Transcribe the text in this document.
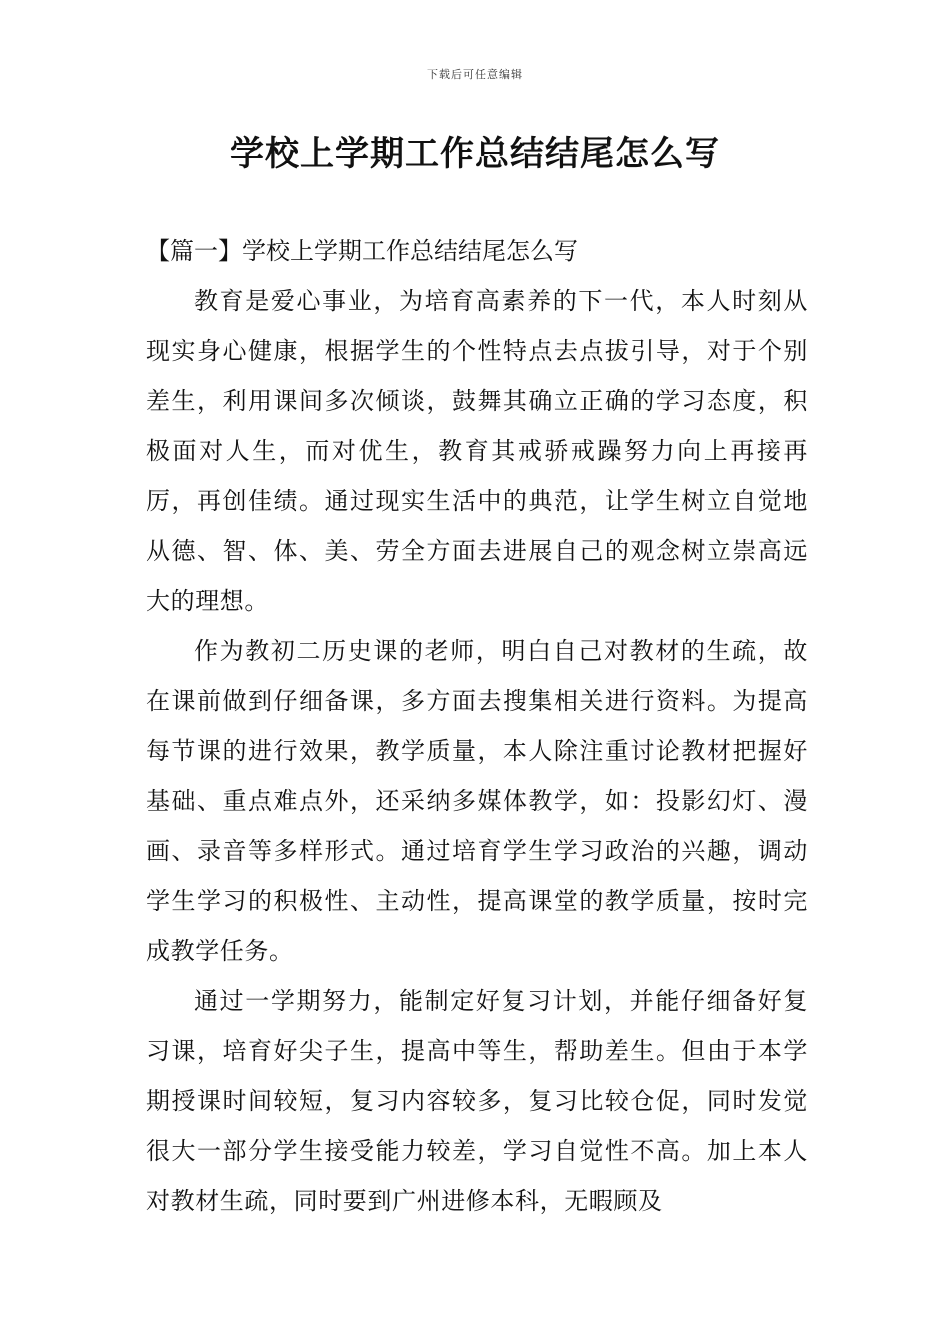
下载后可任意编辑
学校上学期工作总结结尾怎么写

【篇一】学校上学期工作总结结尾怎么写

教育是爱心事业，为培育高素养的下一代，本人时刻从现实身心健康，根据学生的个性特点去点拔引导，对于个别差生，利用课间多次倾谈，鼓舞其确立正确的学习态度，积极面对人生，而对优生，教育其戒骄戒躁努力向上再接再厉，再创佳绩。通过现实生活中的典范，让学生树立自觉地从德、智、体、美、劳全方面去进展自己的观念树立崇高远大的理想。

作为教初二历史课的老师，明白自己对教材的生疏，故在课前做到仔细备课，多方面去搜集相关进行资料。为提高每节课的进行效果，教学质量，本人除注重讨论教材把握好基础、重点难点外，还采纳多媒体教学，如：投影幻灯、漫画、录音等多样形式。通过培育学生学习政治的兴趣，调动学生学习的积极性、主动性，提高课堂的教学质量，按时完成教学任务。

通过一学期努力，能制定好复习计划，并能仔细备好复习课，培育好尖子生，提高中等生，帮助差生。但由于本学期授课时间较短，复习内容较多，复习比较仓促，同时发觉很大一部分学生接受能力较差，学习自觉性不高。加上本人对教材生疏，同时要到广州进修本科，无暇顾及
